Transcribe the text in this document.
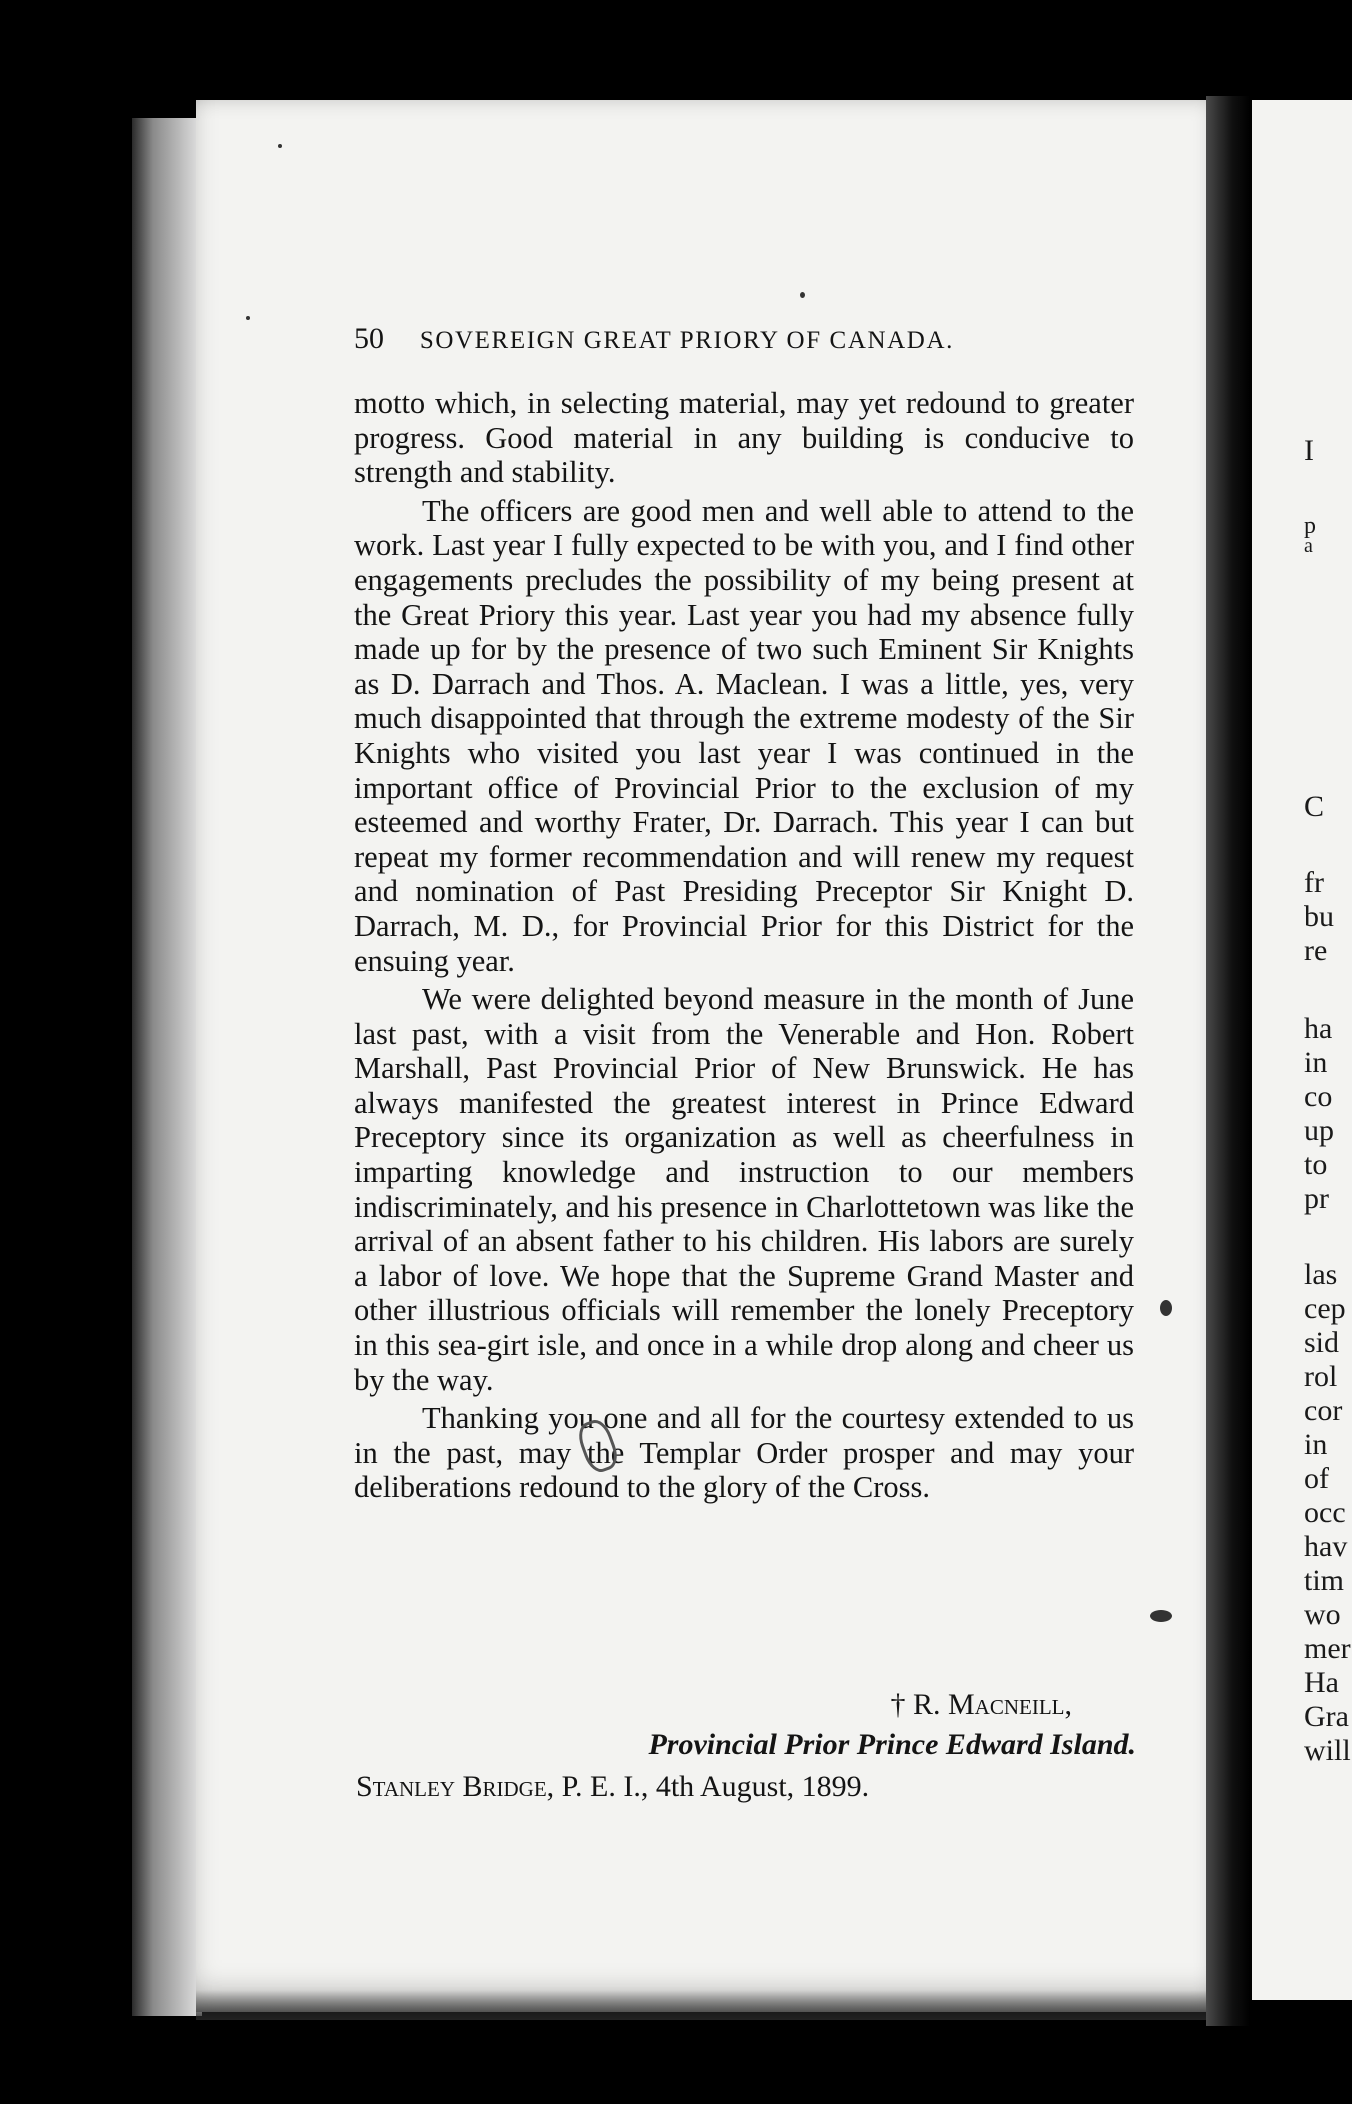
I
p
a
C
fr
bu
re
ha
in
co
up
to
pr
las
cep
sid
rol
cor
in
of
occ
hav
tim
wo
mer
Ha
Gra
will
50 SOVEREIGN GREAT PRIORY OF CANADA.

motto which, in selecting material, may yet redound to greater progress. Good material in any building is conducive to strength and stability.

The officers are good men and well able to attend to the work. Last year I fully expected to be with you, and I find other engagements precludes the possibility of my being present at the Great Priory this year. Last year you had my absence fully made up for by the presence of two such Eminent Sir Knights as D. Darrach and Thos. A. Maclean. I was a little, yes, very much disappointed that through the extreme modesty of the Sir Knights who visited you last year I was continued in the important office of Provincial Prior to the exclusion of my esteemed and worthy Frater, Dr. Darrach. This year I can but repeat my former recommendation and will renew my request and nomination of Past Presiding Preceptor Sir Knight D. Darrach, M. D., for Provincial Prior for this District for the ensuing year.

We were delighted beyond measure in the month of June last past, with a visit from the Venerable and Hon. Robert Marshall, Past Provincial Prior of New Brunswick. He has always manifested the greatest interest in Prince Edward Preceptory since its organization as well as cheerfulness in imparting knowledge and instruction to our members indiscriminately, and his presence in Charlottetown was like the arrival of an absent father to his children. His labors are surely a labor of love. We hope that the Supreme Grand Master and other illustrious officials will remember the lonely Preceptory in this sea-girt isle, and once in a while drop along and cheer us by the way.

Thanking you one and all for the courtesy extended to us in the past, may the Templar Order prosper and may your deliberations redound to the glory of the Cross.

† R. Macneill,
Provincial Prior Prince Edward Island.
Stanley Bridge, P. E. I., 4th August, 1899.
